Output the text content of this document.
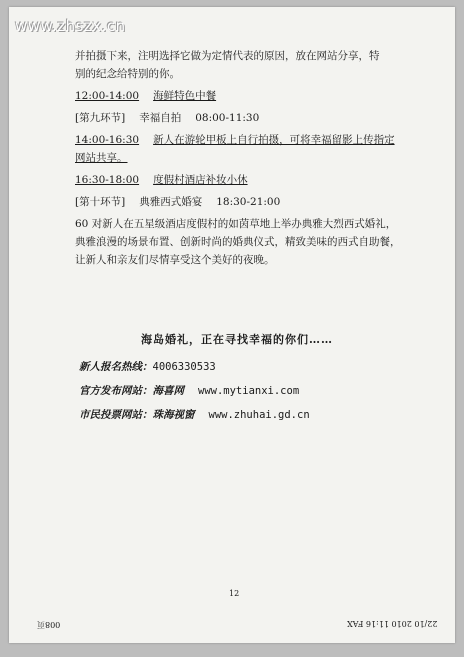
www.zhszx.cn

并拍摄下来，注明选择它做为定情代表的原因，放在网站分享，特

别的纪念给特别的你。

12:00-14:00 海鲜特色中餐

[第九环节] 幸福自拍 08:00-11:30

14:00-16:30 新人在游轮甲板上自行拍摄，可将幸福留影上传指定

网站共享。

16:30-18:00 度假村酒店补妆小休

[第十环节] 典雅西式婚宴 18:30-21:00

60 对新人在五星级酒店度假村的如茵草地上举办典雅大烈西式婚礼，

典雅浪漫的场景布置、创新时尚的婚典仪式，精致美味的西式自助餐，

让新人和亲友们尽情享受这个美好的夜晚。

海岛婚礼，正在寻找幸福的你们……
新人报名热线：4006330533
官方发布网站：海喜网 www.mytianxi.com
市民投票网站：珠海视窗 www.zhuhai.gd.cn
12
008页	22/10 2010 11:16 FAX
